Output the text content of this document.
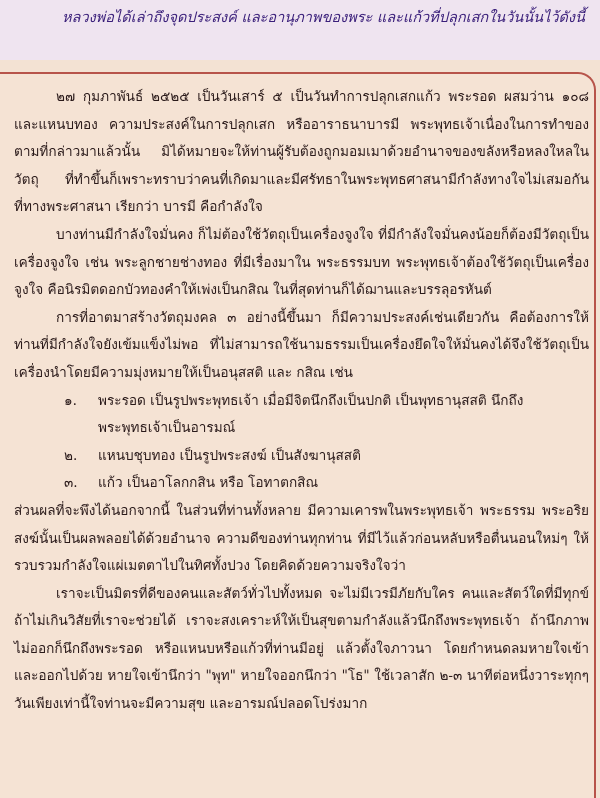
หลวงพ่อได้เล่าถึงจุดประสงค์ และอานุภาพของพระ และแก้วที่ปลุกเสกในวันนั้นไว้ดังนี้

๒๗ กุมภาพันธ์ ๒๕๒๕ เป็นวันเสาร์ ๕ เป็นวันทำการปลุกเสกแก้ว พระรอด ผสมว่าน ๑๐๘ และแหนบทอง ความประสงค์ในการปลุกเสก หรืออาราธนาบารมี พระพุทธเจ้าเนื่องในการทำของตามที่กล่าวมาแล้วนั้น มิได้หมายจะให้ท่านผู้รับต้องถูกมอมเมาด้วยอำนาจของขลังหรือหลงใหลในวัตถุ ที่ทำขึ้นก็เพราะทราบว่าคนที่เกิดมาและมีศรัทธาในพระพุทธศาสนามีกำลังทางใจไม่เสมอกัน ที่ทางพระศาสนา เรียกว่า บารมี คือกำลังใจ

บางท่านมีกำลังใจมั่นคง ก็ไม่ต้องใช้วัตถุเป็นเครื่องจูงใจ ที่มีกำลังใจมั่นคงน้อยก็ต้องมีวัตถุเป็นเครื่องจูงใจ เช่น พระลูกชายช่างทอง ที่มีเรื่องมาใน พระธรรมบท พระพุทธเจ้าต้องใช้วัตถุเป็นเครื่องจูงใจ คือนิรมิตดอกบัวทองคำให้เพ่งเป็นกสิณ ในที่สุดท่านก็ได้ฌานและบรรลุอรหันต์

การที่อาตมาสร้างวัตถุมงคล ๓ อย่างนี้ขึ้นมา ก็มีความประสงค์เช่นเดียวกัน คือต้องการให้ท่านที่มีกำลังใจยังเข้มแข็งไม่พอ ที่ไม่สามารถใช้นามธรรมเป็นเครื่องยึดใจให้มั่นคงได้จึงใช้วัตถุเป็นเครื่องนำโดยมีความมุ่งหมายให้เป็นอนุสสติ และ กสิณ เช่น

๑.	พระรอด เป็นรูปพระพุทธเจ้า เมื่อมีจิตนึกถึงเป็นปกติ เป็นพุทธานุสสติ นึกถึง พระพุทธเจ้าเป็นอารมณ์
๒.	แหนบชุบทอง เป็นรูปพระสงฆ์ เป็นสังฆานุสสติ
๓.	แก้ว เป็นอาโลกกสิน หรือ โอทาตกสิณ

ส่วนผลที่จะพึงได้นอกจากนี้ ในส่วนที่ท่านทั้งหลาย มีความเคารพในพระพุทธเจ้า พระธรรม พระอริยสงฆ์นั้นเป็นผลพลอยได้ด้วยอำนาจ ความดีของท่านทุกท่าน ที่มีไว้แล้วก่อนหลับหรือตื่นนอนใหม่ๆ ให้รวบรวมกำลังใจแผ่เมตตาไปในทิศทั้งปวง โดยคิดด้วยความจริงใจว่า

เราจะเป็นมิตรที่ดีของคนและสัตว์ทั่วไปทั้งหมด จะไม่มีเวรมีภัยกับใคร คนและสัตว์ใดที่มีทุกข์ถ้าไม่เกินวิสัยที่เราจะช่วยได้ เราจะสงเคราะห์ให้เป็นสุขตามกำลังแล้วนึกถึงพระพุทธเจ้า ถ้านึกภาพไม่ออกก็นึกถึงพระรอด หรือแหนบหรือแก้วที่ท่านมีอยู่ แล้วตั้งใจภาวนา โดยกำหนดลมหายใจเข้าและออกไปด้วย หายใจเข้านึกว่า "พุท" หายใจออกนึกว่า "โธ" ใช้เวลาสัก ๒-๓ นาทีต่อหนึ่งวาระทุกๆ วันเพียงเท่านี้ใจท่านจะมีความสุข และอารมณ์ปลอดโปร่งมาก
